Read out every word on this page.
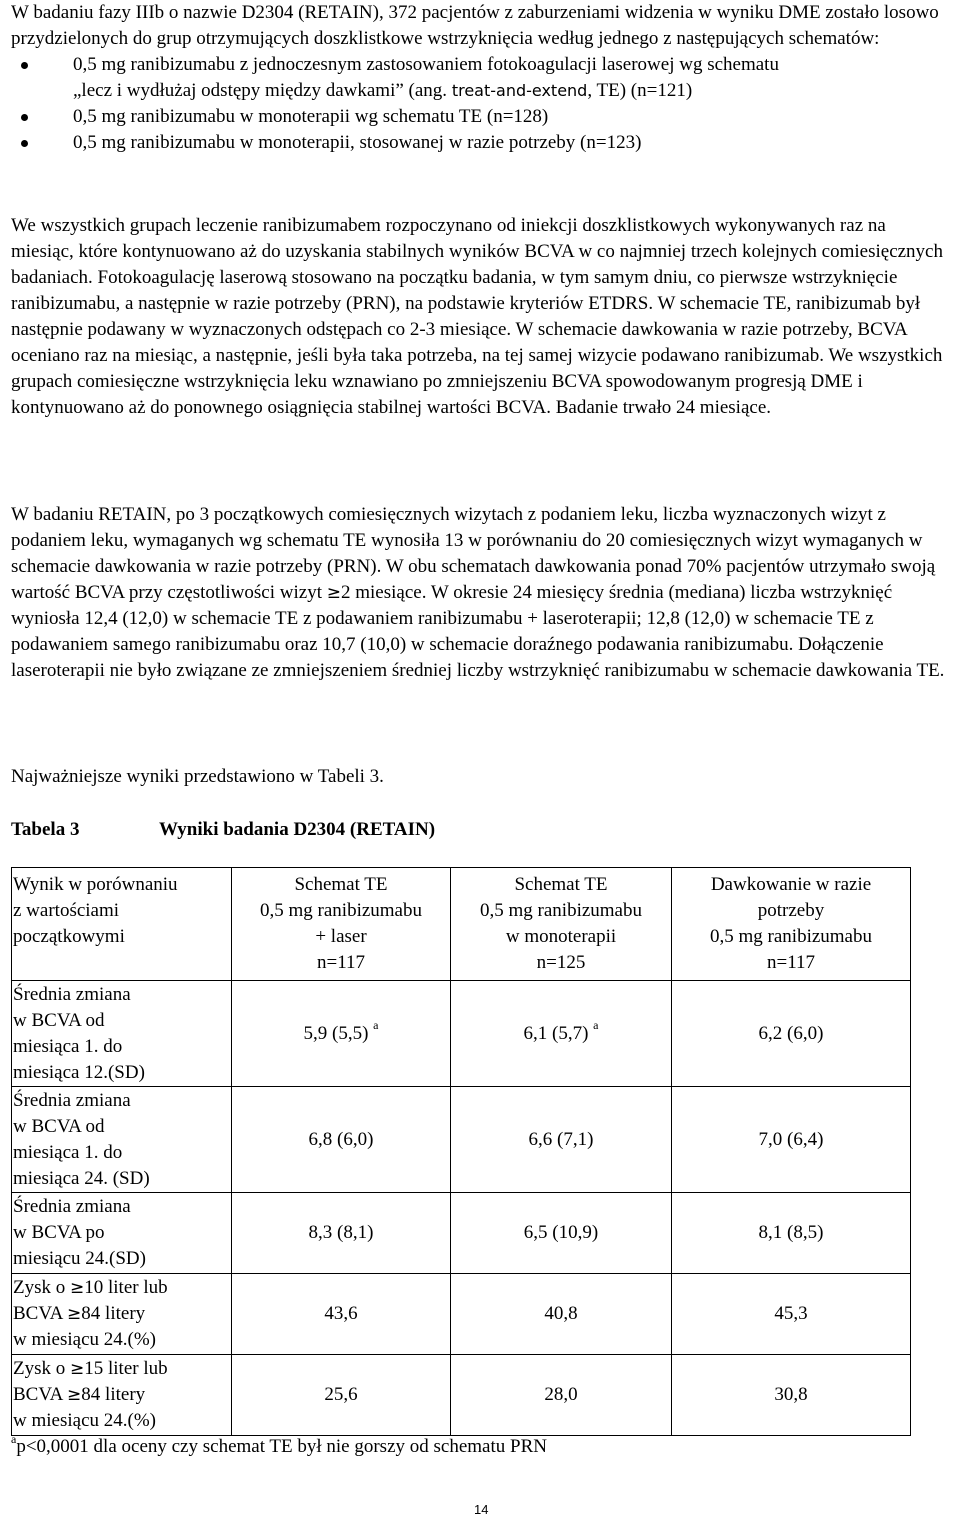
W badaniu fazy IIIb o nazwie D2304 (RETAIN), 372 pacjentów z zaburzeniami widzenia w wyniku DME zostało losowo przydzielonych do grup otrzymujących doszklistkowe wstrzyknięcia według jednego z następujących schematów:

0,5 mg ranibizumabu z jednoczesnym zastosowaniem fotokoagulacji laserowej wg schematu
„lecz i wydłużaj odstępy między dawkami” (ang. treat-and-extend, TE) (n=121)
0,5 mg ranibizumabu w monoterapii wg schematu TE (n=128)
0,5 mg ranibizumabu w monoterapii, stosowanej w razie potrzeby (n=123)

We wszystkich grupach leczenie ranibizumabem rozpoczynano od iniekcji doszklistkowych wykonywanych raz na miesiąc, które kontynuowano aż do uzyskania stabilnych wyników BCVA w co najmniej trzech kolejnych comiesięcznych badaniach. Fotokoagulację laserową stosowano na początku badania, w tym samym dniu, co pierwsze wstrzyknięcie ranibizumabu, a następnie w razie potrzeby (PRN), na podstawie kryteriów ETDRS. W schemacie TE, ranibizumab był następnie podawany w wyznaczonych odstępach co 2-3 miesiące. W schemacie dawkowania w razie potrzeby, BCVA oceniano raz na miesiąc, a następnie, jeśli była taka potrzeba, na tej samej wizycie podawano ranibizumab. We wszystkich grupach comiesięczne wstrzyknięcia leku wznawiano po zmniejszeniu BCVA spowodowanym progresją DME i kontynuowano aż do ponownego osiągnięcia stabilnej wartości BCVA. Badanie trwało 24 miesiące.

W badaniu RETAIN, po 3 początkowych comiesięcznych wizytach z podaniem leku, liczba wyznaczonych wizyt z podaniem leku, wymaganych wg schematu TE wynosiła 13 w porównaniu do 20 comiesięcznych wizyt wymaganych w schemacie dawkowania w razie potrzeby (PRN). W obu schematach dawkowania ponad 70% pacjentów utrzymało swoją wartość BCVA przy częstotliwości wizyt ≥2 miesiące. W okresie 24 miesięcy średnia (mediana) liczba wstrzyknięć wyniosła 12,4 (12,0) w schemacie TE z podawaniem ranibizumabu + laseroterapii; 12,8 (12,0) w schemacie TE z podawaniem samego ranibizumabu oraz 10,7 (10,0) w schemacie doraźnego podawania ranibizumabu. Dołączenie laseroterapii nie było związane ze zmniejszeniem średniej liczby wstrzyknięć ranibizumabu w schemacie dawkowania TE.

Najważniejsze wyniki przedstawiono w Tabeli 3.

Tabela 3	Wyniki badania D2304 (RETAIN)
Wynik w porównaniu
z wartościami
początkowymi	Schemat TE
0,5 mg ranibizumabu
+ laser
n=117	Schemat TE
0,5 mg ranibizumabu
w monoterapii
n=125	Dawkowanie w razie
potrzeby
0,5 mg ranibizumabu
n=117

Średnia zmiana
w BCVA od
miesiąca 1. do
miesiąca 12.(SD)	5,9 (5,5) $^a$	6,1 (5,7) $^a$	6,2 (6,0)

Średnia zmiana
w BCVA od
miesiąca 1. do
miesiąca 24. (SD)	6,8 (6,0)	6,6 (7,1)	7,0 (6,4)

Średnia zmiana
w BCVA po
miesiącu 24.(SD)	8,3 (8,1)	6,5 (10,9)	8,1 (8,5)

Zysk o ≥10 liter lub
BCVA ≥84 litery
w miesiącu 24.(%)	43,6	40,8	45,3

Zysk o ≥15 liter lub
BCVA ≥84 litery
w miesiącu 24.(%)	25,6	28,0	30,8
$^a$p<0,0001 dla oceny czy schemat TE był nie gorszy od schematu PRN
14
